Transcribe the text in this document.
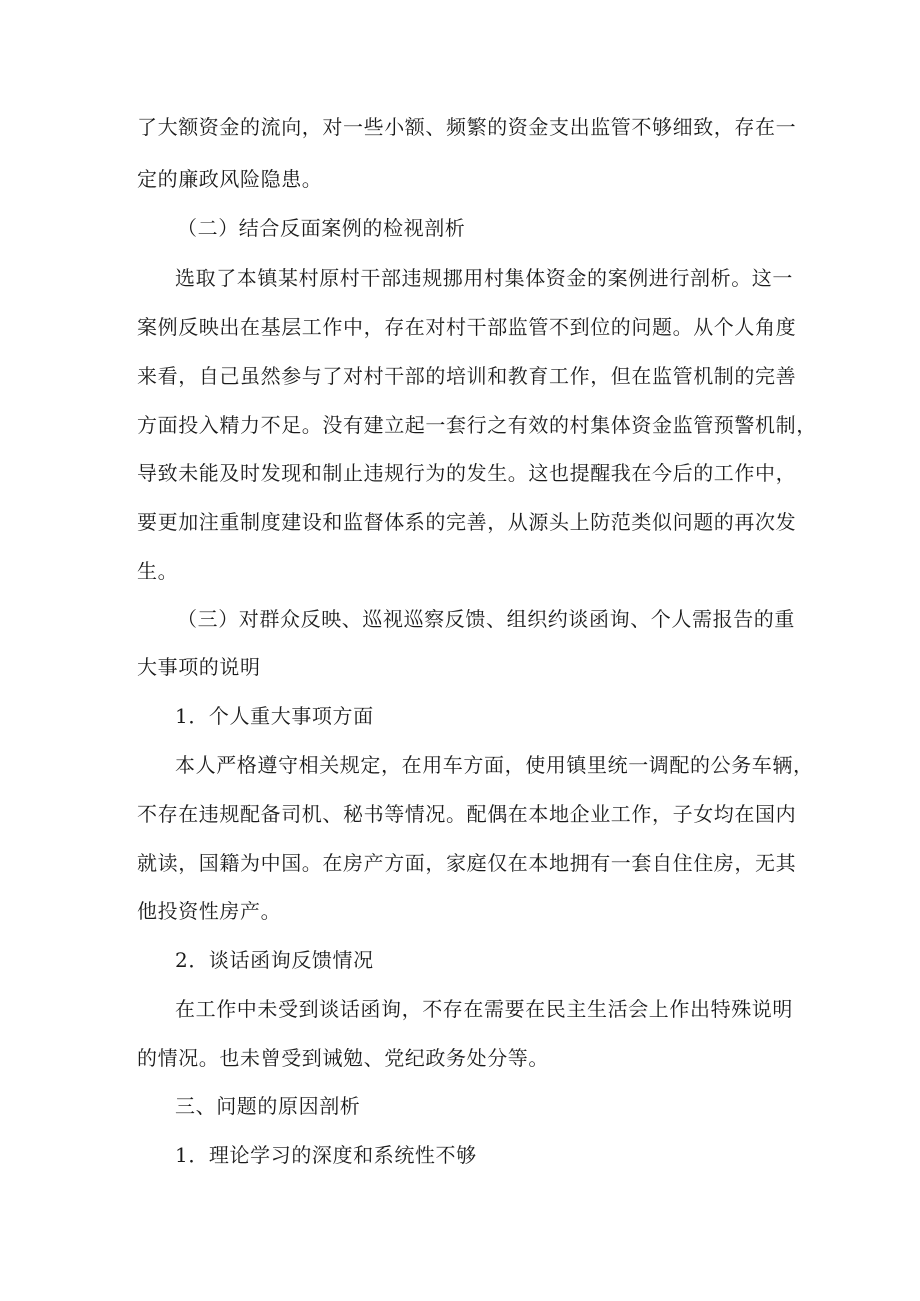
了大额资金的流向，对一些小额、频繁的资金支出监管不够细致，存在一
定的廉政风险隐患。
（二）结合反面案例的检视剖析
选取了本镇某村原村干部违规挪用村集体资金的案例进行剖析。这一
案例反映出在基层工作中，存在对村干部监管不到位的问题。从个人角度
来看，自己虽然参与了对村干部的培训和教育工作，但在监管机制的完善
方面投入精力不足。没有建立起一套行之有效的村集体资金监管预警机制，
导致未能及时发现和制止违规行为的发生。这也提醒我在今后的工作中，
要更加注重制度建设和监督体系的完善，从源头上防范类似问题的再次发
生。
（三）对群众反映、巡视巡察反馈、组织约谈函询、个人需报告的重
大事项的说明
1．个人重大事项方面
本人严格遵守相关规定，在用车方面，使用镇里统一调配的公务车辆，
不存在违规配备司机、秘书等情况。配偶在本地企业工作，子女均在国内
就读，国籍为中国。在房产方面，家庭仅在本地拥有一套自住住房，无其
他投资性房产。
2．谈话函询反馈情况
在工作中未受到谈话函询，不存在需要在民主生活会上作出特殊说明
的情况。也未曾受到诫勉、党纪政务处分等。
三、问题的原因剖析
1．理论学习的深度和系统性不够
